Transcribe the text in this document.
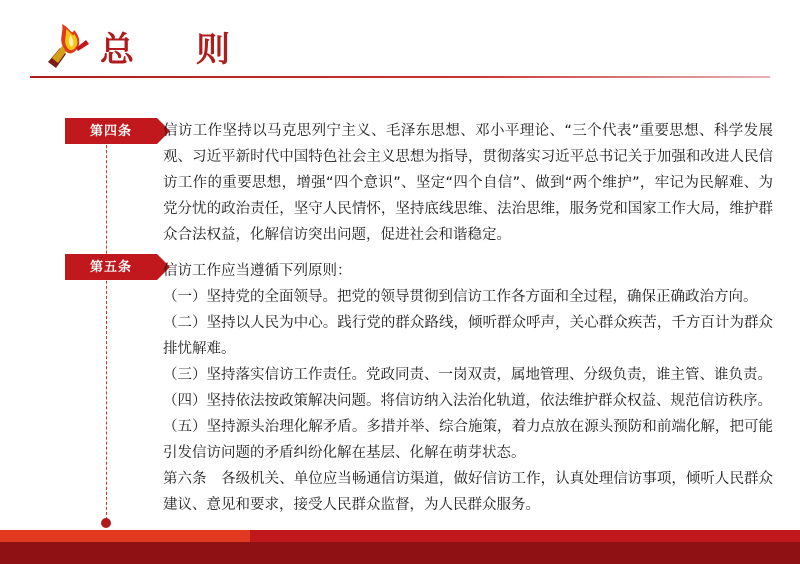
总　则
第四条	信访工作坚持以马克思列宁主义、毛泽东思想、邓小平理论、“三个代表”重要思想、科学发展观、习近平新时代中国特色社会主义思想为指导，贯彻落实习近平总书记关于加强和改进人民信访工作的重要思想，增强“四个意识”、坚定“四个自信”、做到“两个维护”，牢记为民解难、为党分忧的政治责任，坚守人民情怀，坚持底线思维、法治思维，服务党和国家工作大局，维护群众合法权益，化解信访突出问题，促进社会和谐稳定。

第五条	信访工作应当遵循下列原则：

（一）坚持党的全面领导。把党的领导贯彻到信访工作各方面和全过程，确保正确政治方向。

（二）坚持以人民为中心。践行党的群众路线，倾听群众呼声，关心群众疾苦，千方百计为群众排忧解难。

（三）坚持落实信访工作责任。党政同责、一岗双责，属地管理、分级负责，谁主管、谁负责。

（四）坚持依法按政策解决问题。将信访纳入法治化轨道，依法维护群众权益、规范信访秩序。

（五）坚持源头治理化解矛盾。多措并举、综合施策，着力点放在源头预防和前端化解，把可能引发信访问题的矛盾纠纷化解在基层、化解在萌芽状态。

第六条　各级机关、单位应当畅通信访渠道，做好信访工作，认真处理信访事项，倾听人民群众建议、意见和要求，接受人民群众监督，为人民群众服务。
